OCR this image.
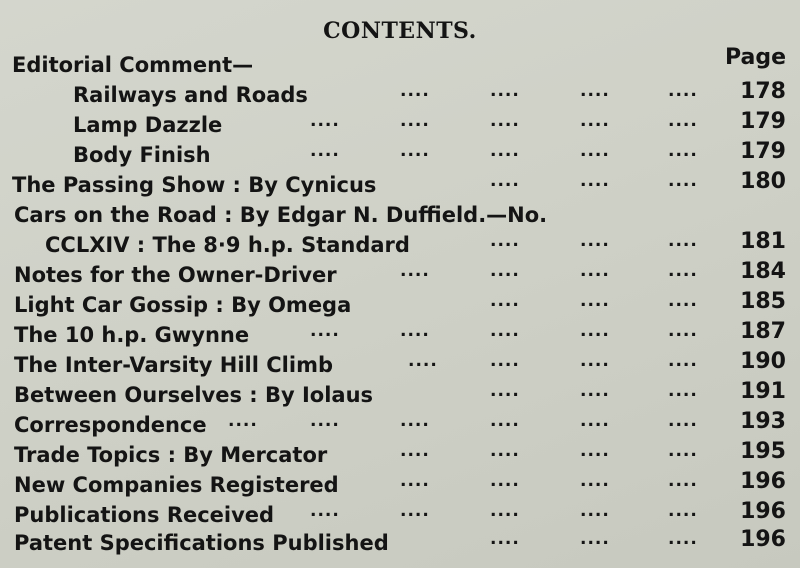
CONTENTS.
Page
Editorial Comment—
Railways and Roads	....	....	....	.... 178
Lamp Dazzle	....	....	....	....	.... 179
Body Finish	....	....	....	....	.... 179
The Passing Show : By Cynicus	....	....	.... 180
Cars on the Road : By Edgar N. Duffield.—No.
CCLXIV : The 8·9 h.p. Standard	....	....	.... 181
Notes for the Owner-Driver	....	....	....	.... 184
Light Car Gossip : By Omega	....	....	.... 185
The 10 h.p. Gwynne	....	....	....	....	.... 187
The Inter-Varsity Hill Climb	....	....	....	.... 190
Between Ourselves : By Iolaus	....	....	.... 191
Correspondence ....	....	....	....	....	.... 193
Trade Topics : By Mercator	....	....	....	.... 195
New Companies Registered	....	....	....	.... 196
Publications Received ....	....	....	....	.... 196
Patent Specifications Published	....	....	.... 196
